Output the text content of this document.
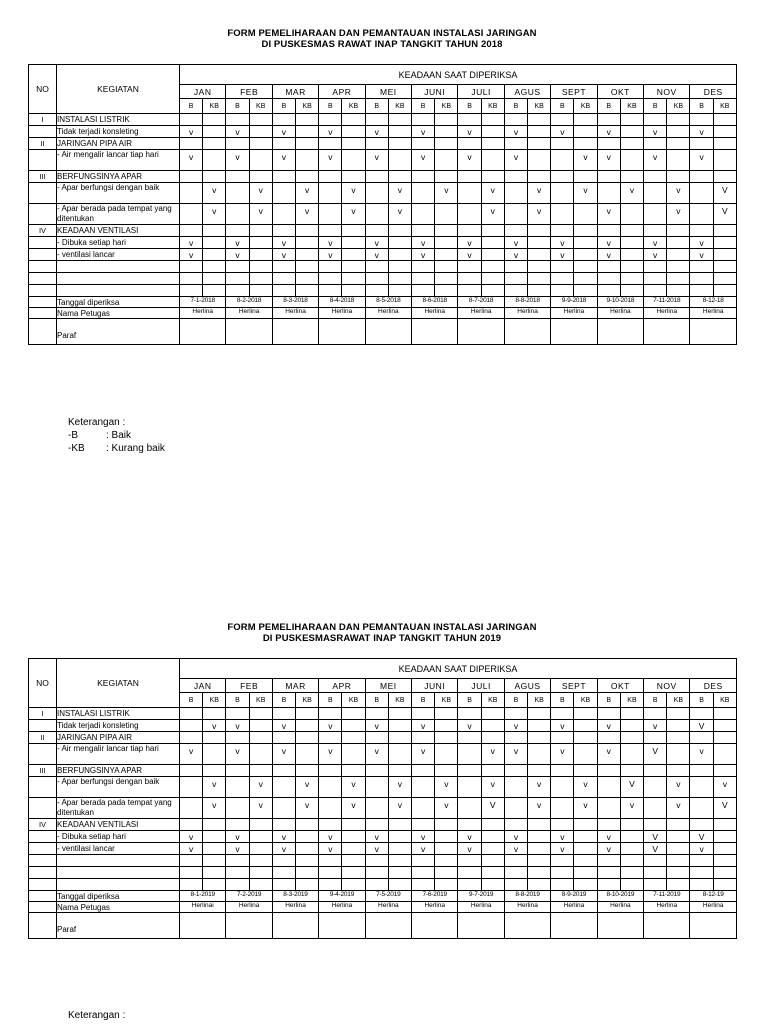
FORM PEMELIHARAAN DAN PEMANTAUAN INSTALASI JARINGAN
DI PUSKESMAS RAWAT INAP TANGKIT TAHUN 2018
NO	KEGIATAN	KEADAAN SAAT DIPERIKSA																							
		JAN		FEB		MAR		APR		MEI		JUNI		JULI		AGUS		SEPT		OKT		NOV		DES	
		B	KB	B	KB	B	KB	B	KB	B	KB	B	KB	B	KB	B	KB	B	KB	B	KB	B	KB	B	KB
I	INSTALASI LISTRIK																								
	Tidak terjadi konsleting	v		v		v		v		v		v		v		v		v		v		v		v	
II	JARINGAN PIPA AIR																								
	- Air mengalir lancar tiap hari	v		v		v		v		v		v		v		v			v	v		v		v	
III	BERFUNGSINYA APAR																								
	- Apar berfungsi dengan baik		v		v		v		v		v		v		v		v		v		v		v		V
	- Apar berada pada tempat yang ditentukan		v		v		v		v		v				v		v			v			v		V
IV	KEADAAN VENTILASI																								
	- Dibuka setiap hari	v		v		v		v		v		v		v		v		v		v		v		v	
	- ventilasi lancar	v		v		v		v		v		v		v		v		v		v		v		v	

	Tanggal diperiksa	7-1-2018		8-2-2018		8-3-2018		8-4-2018		8-5-2018		8-6-2018		8-7-2018		8-8-2018		9-9-2018		9-10-2018		7-11-2018		8-12-18	
	Nama Petugas	Herlina		Herlina		Herlina		Herlina		Herlina		Herlina		Herlina		Herlina		Herlina		Herlina		Herlina		Herlina	
	Paraf																								
Keterangan :
-B	: Baik
-KB : Kurang baik
FORM PEMELIHARAAN DAN PEMANTAUAN INSTALASI JARINGAN
DI PUSKESMASRAWAT INAP TANGKIT TAHUN 2019
NO	KEGIATAN	KEADAAN SAAT DIPERIKSA																							
		JAN		FEB		MAR		APR		MEI		JUNI		JULI		AGUS		SEPT		OKT		NOV		DES	
		B	KB	B	KB	B	KB	B	KB	B	KB	B	KB	B	KB	B	KB	B	KB	B	KB	B	KB	B	KB
I	INSTALASI LISTRIK																								
	Tidak terjadi konsleting		v	v		v		v		v		v		v		v		v		v		v		V	
II	JARINGAN PIPA AIR																								
	- Air mengalir lancar tiap hari	v		v		v		v		v		v			v	v		v		v		V		v	
III	BERFUNGSINYA APAR																								
	- Apar berfungsi dengan baik		v		v		v		v		v		v		v		v		v		V		v		v
	- Apar berada pada tempat yang ditentukan		v		v		v		v		v		v		V		v		v		v		v		V
IV	KEADAAN VENTILASI																								
	- Dibuka setiap hari	v		v		v		v		v		v		v		v		v		v		V		V	
	- ventilasi lancar	v		v		v		v		v		v		v		v		v		v		V		v	

	Tanggal diperiksa	8-1-2019		7-2-2019		8-3-2019		9-4-2019		7-5-2019		7-6-2019		9-7-2019		8-8-2019		8-9-2019		8-10-2019		7-11-2019		8-12-19	
	Nama Petugas	Herlinai		Herlina		Herlina		Herlina		Herlina		Herlina		Herlina		Herlina		Herlina		Herlina		Herlina		Herlina	
	Paraf																								
Keterangan :
